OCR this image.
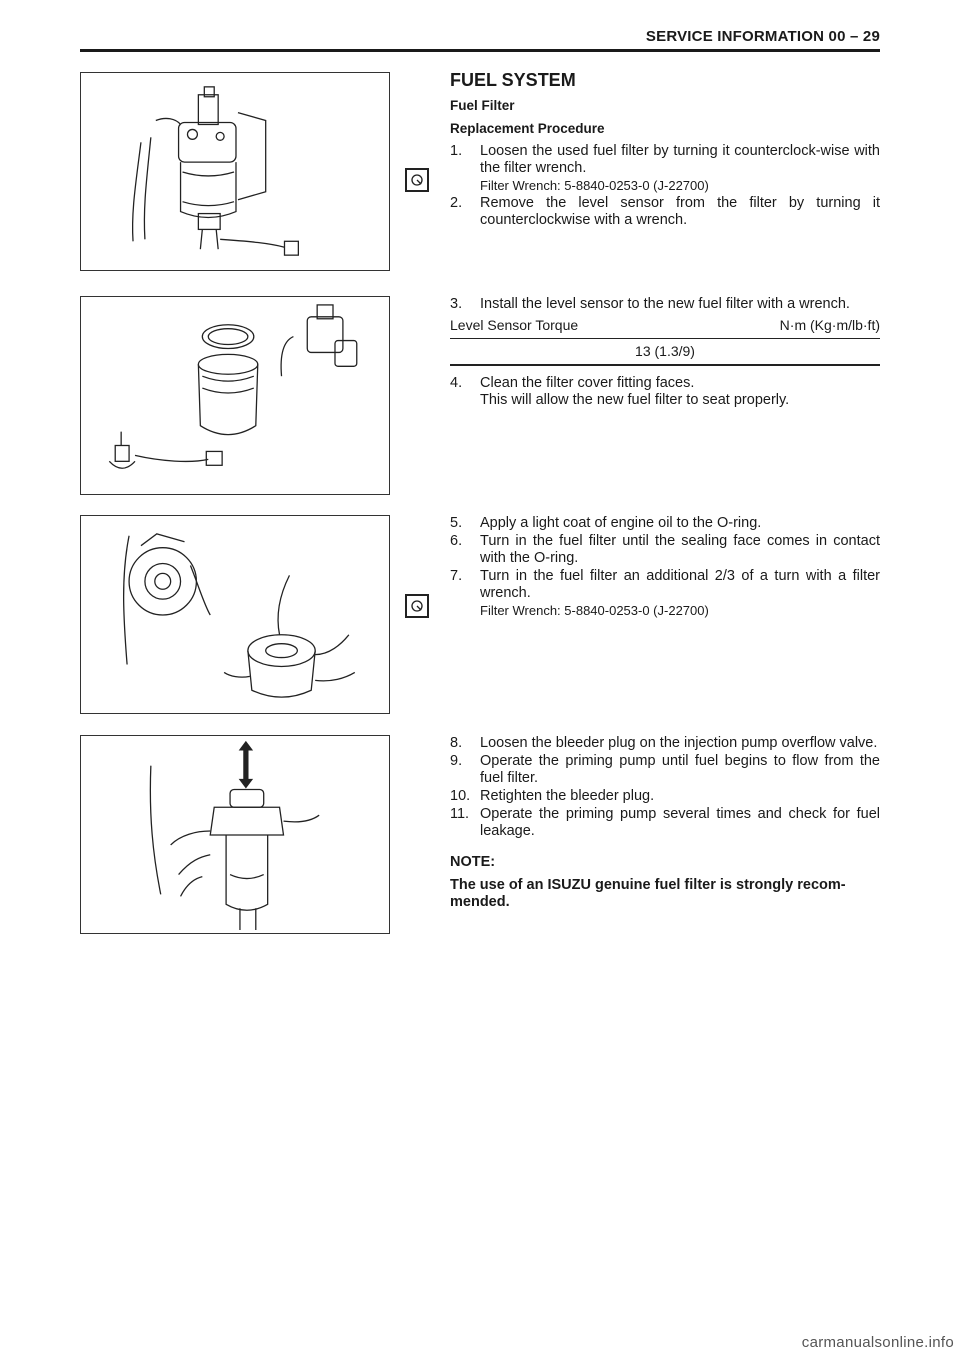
SERVICE INFORMATION 00 – 29
FUEL SYSTEM
Fuel Filter
Replacement Procedure
1. Loosen the used fuel filter by turning it counterclock-wise with the filter wrench.
Filter Wrench: 5-8840-0253-0 (J-22700)
2. Remove the level sensor from the filter by turning it counterclockwise with a wrench.
3. Install the level sensor to the new fuel filter with a wrench.
Level Sensor Torque	N·m (Kg·m/lb·ft)
13 (1.3/9)
4. Clean the filter cover fitting faces.
This will allow the new fuel filter to seat properly.
5. Apply a light coat of engine oil to the O-ring.
6. Turn in the fuel filter until the sealing face comes in contact with the O-ring.
7. Turn in the fuel filter an additional 2/3 of a turn with a filter wrench.
Filter Wrench: 5-8840-0253-0 (J-22700)
8. Loosen the bleeder plug on the injection pump overflow valve.
9. Operate the priming pump until fuel begins to flow from the fuel filter.
10. Retighten the bleeder plug.
11. Operate the priming pump several times and check for fuel leakage.
NOTE:
The use of an ISUZU genuine fuel filter is strongly recom-mended.
carmanualsonline.info
